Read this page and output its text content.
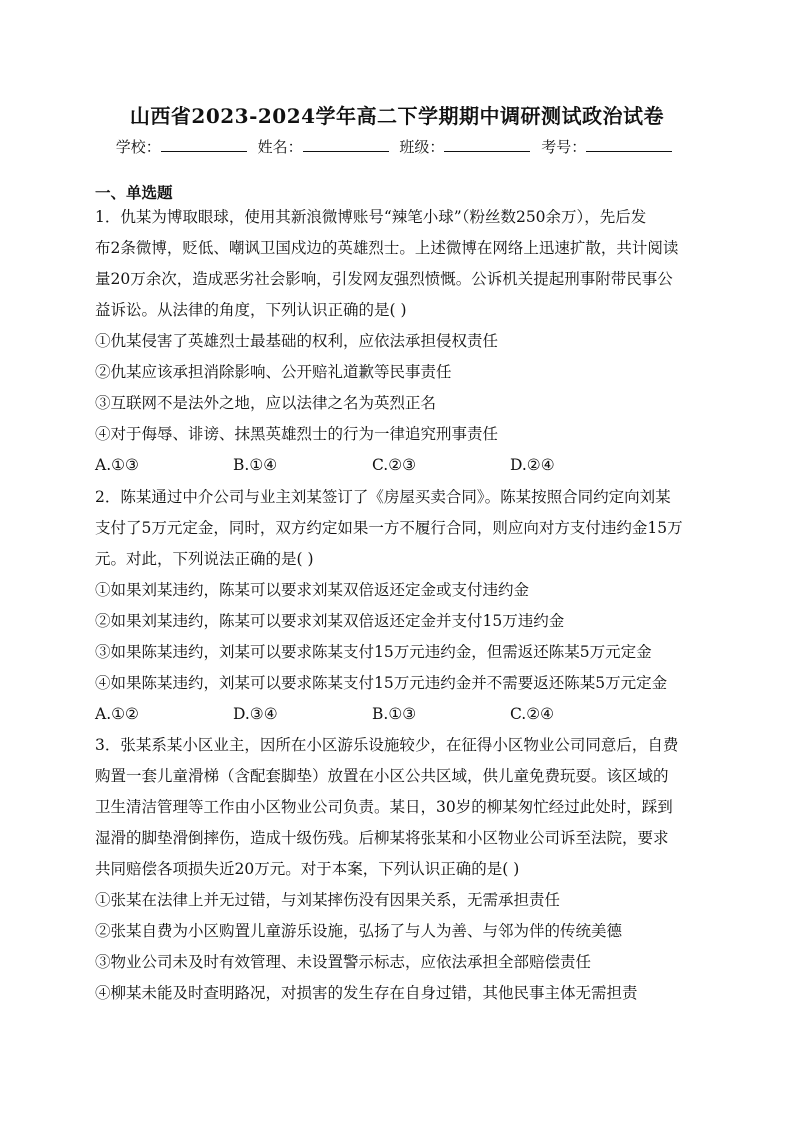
山西省2023-2024学年高二下学期期中调研测试政治试卷
学校：	姓名：	班级：	考号：
一、单选题
1．仇某为博取眼球，使用其新浪微博账号“辣笔小球”（粉丝数250余万），先后发
布2条微博，贬低、嘲讽卫国戍边的英雄烈士。上述微博在网络上迅速扩散，共计阅读
量20万余次，造成恶劣社会影响，引发网友强烈愤慨。公诉机关提起刑事附带民事公
益诉讼。从法律的角度，下列认识正确的是( )
①仇某侵害了英雄烈士最基础的权利，应依法承担侵权责任
②仇某应该承担消除影响、公开赔礼道歉等民事责任
③互联网不是法外之地，应以法律之名为英烈正名
④对于侮辱、诽谤、抹黑英雄烈士的行为一律追究刑事责任
A.①③	B.①④	C.②③	D.②④
2．陈某通过中介公司与业主刘某签订了《房屋买卖合同》。陈某按照合同约定向刘某
支付了5万元定金，同时，双方约定如果一方不履行合同，则应向对方支付违约金15万
元。对此，下列说法正确的是( )
①如果刘某违约，陈某可以要求刘某双倍返还定金或支付违约金
②如果刘某违约，陈某可以要求刘某双倍返还定金并支付15万违约金
③如果陈某违约，刘某可以要求陈某支付15万元违约金，但需返还陈某5万元定金
④如果陈某违约，刘某可以要求陈某支付15万元违约金并不需要返还陈某5万元定金
A.①②	D.③④	B.①③	C.②④
3．张某系某小区业主，因所在小区游乐设施较少，在征得小区物业公司同意后，自费
购置一套儿童滑梯（含配套脚垫）放置在小区公共区域，供儿童免费玩耍。该区域的
卫生清洁管理等工作由小区物业公司负责。某日，30岁的柳某匆忙经过此处时，踩到
湿滑的脚垫滑倒摔伤，造成十级伤残。后柳某将张某和小区物业公司诉至法院，要求
共同赔偿各项损失近20万元。对于本案，下列认识正确的是( )
①张某在法律上并无过错，与刘某摔伤没有因果关系，无需承担责任
②张某自费为小区购置儿童游乐设施，弘扬了与人为善、与邻为伴的传统美德
③物业公司未及时有效管理、未设置警示标志，应依法承担全部赔偿责任
④柳某未能及时查明路况，对损害的发生存在自身过错，其他民事主体无需担责
